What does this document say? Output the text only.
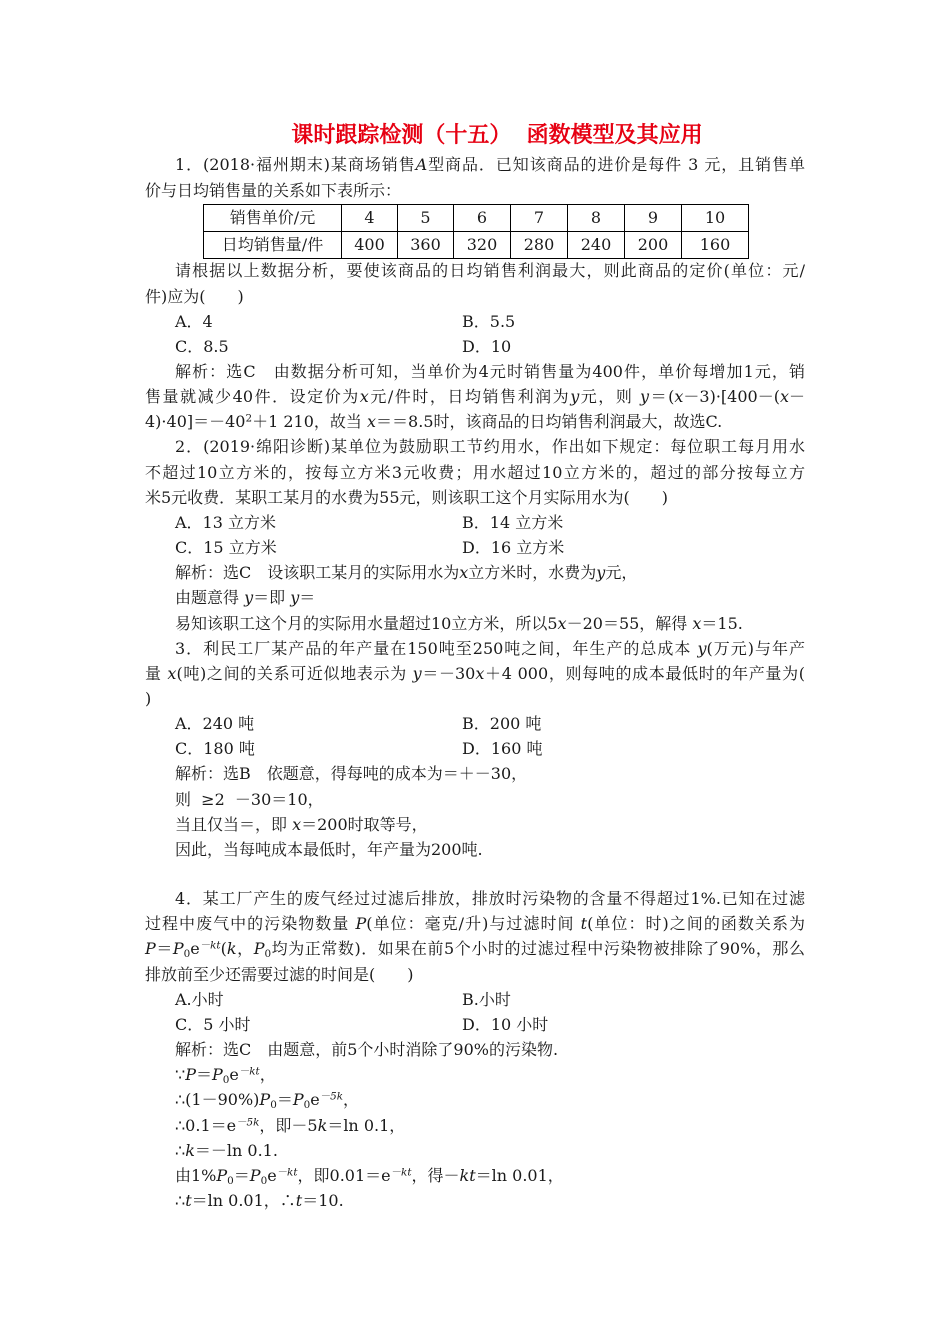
课时跟踪检测（十五）  函数模型及其应用
1．(2018·福州期末)某商场销售A型商品．已知该商品的进价是每件 3 元，且销售单
价与日均销售量的关系如下表所示：
销售单价/元	4	5	6	7	8	9	10
日均销售量/件	400	360	320	280	240	200	160
请根据以上数据分析，要使该商品的日均销售利润最大，则此商品的定价(单位：元/
件)应为(　　)
A．4	B．5.5
C．8.5	D．10
解析：选C　由数据分析可知，当单价为4元时销售量为400件，单价每增加1元，销
售量就减少40件．设定价为x元/件时，日均销售利润为y元，则 y＝(x－3)·[400－(x－
$4)\cdot 40]=-40^2+1$ 210，故当 x＝＝8.5时，该商品的日均销售利润最大，故选C.
2．(2019·绵阳诊断)某单位为鼓励职工节约用水，作出如下规定：每位职工每月用水
不超过10立方米的，按每立方米3元收费；用水超过10立方米的，超过的部分按每立方
米5元收费．某职工某月的水费为55元，则该职工这个月实际用水为(　　)
A．13 立方米	B．14 立方米
C．15 立方米	D．16 立方米
解析：选C　设该职工某月的实际用水为x立方米时，水费为y元，
由题意得 y＝即 y＝
易知该职工这个月的实际用水量超过10立方米，所以5x－20＝55，解得 x＝15.
3．利民工厂某产品的年产量在150吨至250吨之间，年生产的总成本 y(万元)与年产
量 x(吨)之间的关系可近似地表示为 y＝－30x＋4 000，则每吨的成本最低时的年产量为(
)
A．240 吨	B．200 吨
C．180 吨	D．160 吨
解析：选B　依题意，得每吨的成本为＝＋－30，
则  ≥2  －30＝10，
当且仅当＝，即 x＝200时取等号，
因此，当每吨成本最低时，年产量为200吨.
4．某工厂产生的废气经过过滤后排放，排放时污染物的含量不得超过1%.已知在过滤
过程中废气中的污染物数量 P(单位：毫克/升)与过滤时间 t(单位：时)之间的函数关系为
$P=P_0e^{-kt}(k$，$P_0$均为正常数)．如果在前5个小时的过滤过程中污染物被排除了90%，那么
排放前至少还需要过滤的时间是(　　)
A.小时	B.小时
C．5 小时	D．10 小时
解析：选C　由题意，前5个小时消除了90%的污染物.
$\because P=P_0e^{-kt}$，
$\therefore(1-90\%)P_0=P_0e^{-5k}$，
$\therefore 0.1=e^{-5k}$，即－5k＝ln 0.1，
∴k＝－ln 0.1.
由$1\%P_0=P_0e^{-kt}$，即$0.01=e^{-kt}$，得－kt＝ln 0.01，
∴t＝ln 0.01，∴t＝10.
